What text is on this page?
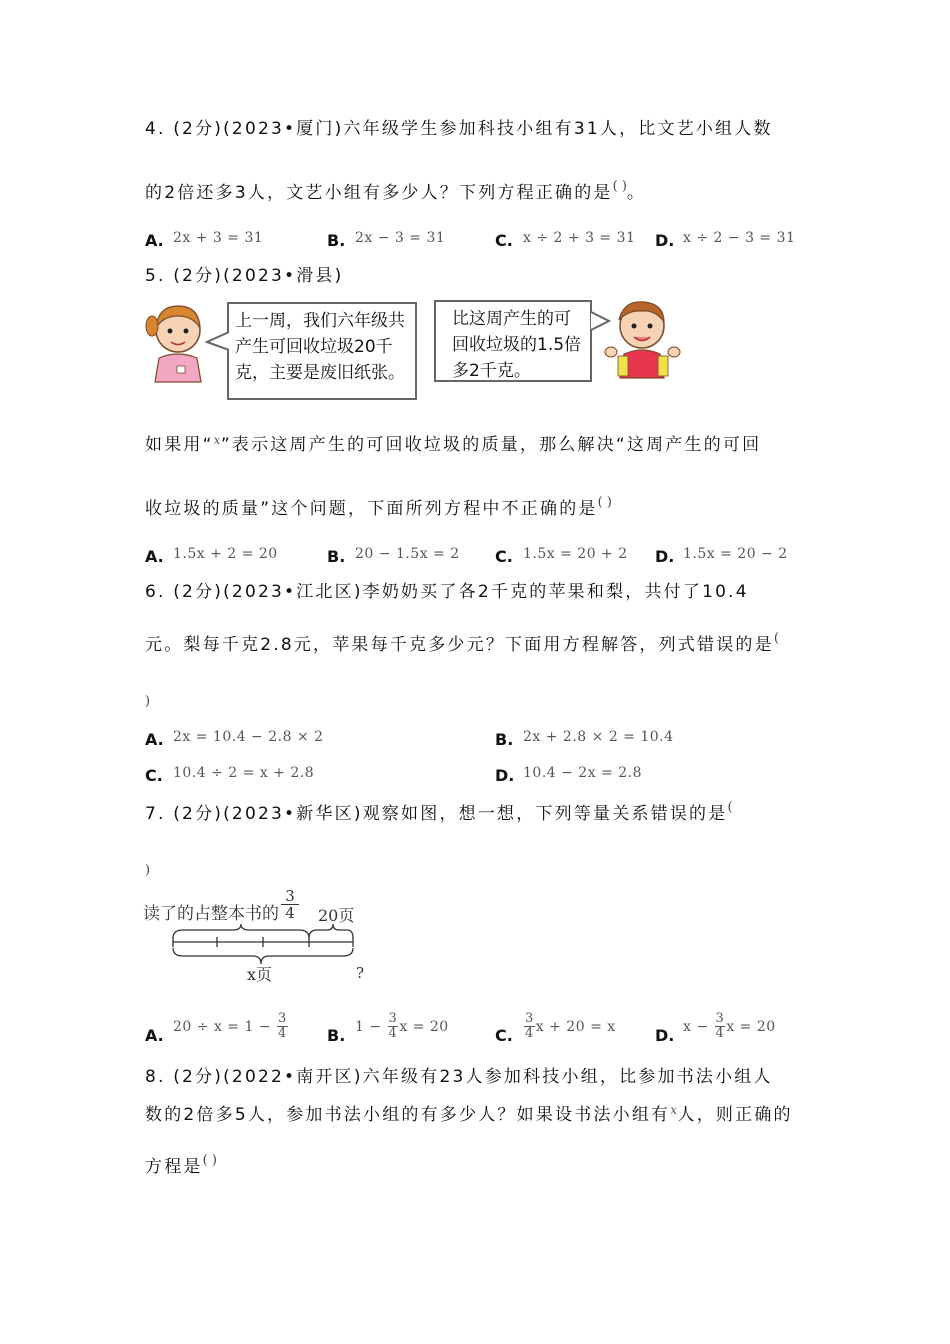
4. (2分)(2023•厦门)六年级学生参加科技小组有31人，比文艺小组人数
的2倍还多3人，文艺小组有多少人？下列方程正确的是( )。
A. 2x + 3 = 31	B. 2x − 3 = 31	C. x ÷ 2 + 3 = 31 D. x ÷ 2 − 3 = 31
5. (2分)(2023•滑县)
上一周，我们六年级共
产生可回收垃圾20千
克，主要是废旧纸张。
比这周产生的可
回收垃圾的1.5倍
多2千克。
如果用“$^x$”表示这周产生的可回收垃圾的质量，那么解决“这周产生的可回
收垃圾的质量”这个问题，下面所列方程中不正确的是( )
A. 1.5x + 2 = 20	B. 20 − 1.5x = 2 C. 1.5x = 20 + 2 D. 1.5x = 20 − 2
6. (2分)(2023•江北区)李奶奶买了各2千克的苹果和梨，共付了10.4
元。梨每千克2.8元，苹果每千克多少元？下面用方程解答，列式错误的是(
)
A. 2x = 10.4 − 2.8 × 2	B. 2x + 2.8 × 2 = 10.4
C. 10.4 ÷ 2 = x + 2.8	D. 10.4 − 2x = 2.8
7. (2分)(2023•新华区)观察如图，想一想，下列等量关系错误的是(
)
读了的占整本书的 $\frac{3}{4} 20$页
x页	?
A. $20 \div x = 1 - \frac{3}{4} B$. $1 - \frac{3}{4}$ x = 20	C. $\frac{3}{4}$ x + 20 = x D. $x - \frac{3}{4}$ x = 20
8. (2分)(2022•南开区)六年级有23人参加科技小组，比参加书法小组人
数的2倍多5人，参加书法小组的有多少人？如果设书法小组有$^x$人，则正确的
方程是( )
